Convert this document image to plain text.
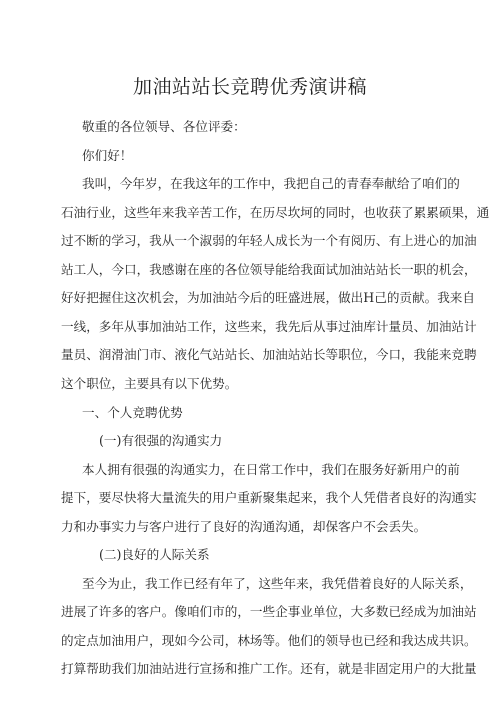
加油站站长竞聘优秀演讲稿
敬重的各位领导、各位评委：
你们好！
我叫，今年岁，在我这年的工作中，我把自己的青春奉献给了咱们的
石油行业，这些年来我辛苦工作，在历尽坎坷的同时，也收获了累累硕果，通
过不断的学习，我从一个淑弱的年轻人成长为一个有阅历、有上进心的加油
站工人，今口，我感谢在座的各位领导能给我面试加油站站长一职的机会，
好好把握住这次机会，为加油站今后的旺盛进展，做出H己的贡献。我来自
一线，多年从事加油站工作，这些来，我先后从事过油库计量员、加油站计
量员、润滑油门市、液化气站站长、加油站站长等职位，今口，我能来竞聘
这个职位，主要具有以下优势。
一、个人竞聘优势
(一)有很强的沟通实力
本人拥有很强的沟通实力，在日常工作中，我们在服务好新用户的前
提下，要尽快将大量流失的用户重新聚集起来，我个人凭借者良好的沟通实
力和办事实力与客户进行了良好的沟通沟通，却保客户不会丢失。
(二)良好的人际关系
至今为止，我工作已经有年了，这些年来，我凭借着良好的人际关系，
进展了许多的客户。像咱们市的，一些企事业单位，大多数已经成为加油站
的定点加油用户，现如今公司，林场等。他们的领导也已经和我达成共识。
打算帮助我们加油站进行宣扬和推广工作。还有，就是非固定用户的大批量
